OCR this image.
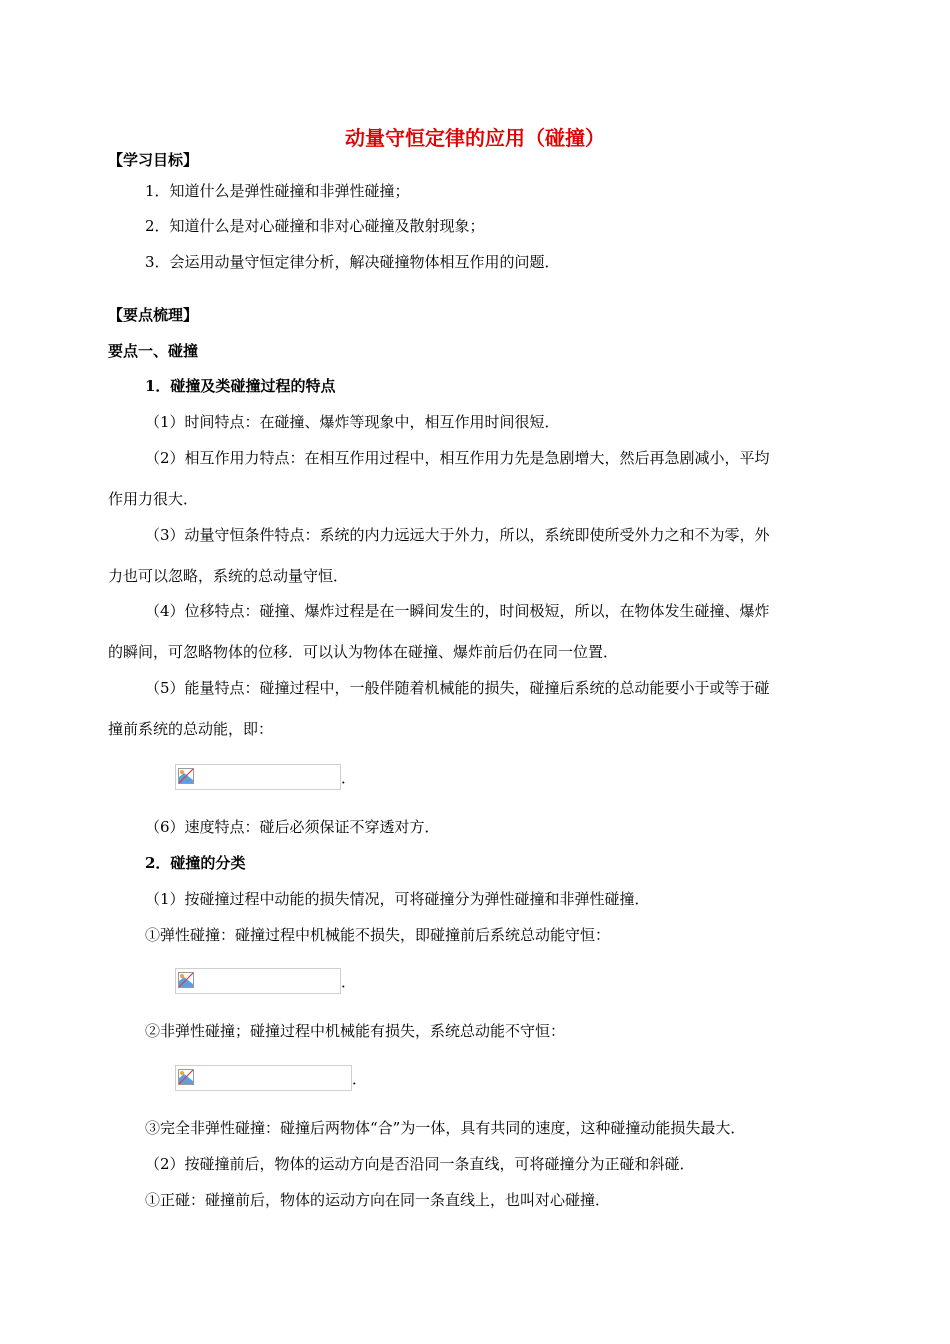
动量守恒定律的应用（碰撞）
【学习目标】
1．知道什么是弹性碰撞和非弹性碰撞；
2．知道什么是对心碰撞和非对心碰撞及散射现象；
3．会运用动量守恒定律分析，解决碰撞物体相互作用的问题．
【要点梳理】
要点一、碰撞
1．碰撞及类碰撞过程的特点
（1）时间特点：在碰撞、爆炸等现象中，相互作用时间很短．
（2）相互作用力特点：在相互作用过程中，相互作用力先是急剧增大，然后再急剧减小，平均
作用力很大．
（3）动量守恒条件特点：系统的内力远远大于外力，所以，系统即使所受外力之和不为零，外
力也可以忽略，系统的总动量守恒．
（4）位移特点：碰撞、爆炸过程是在一瞬间发生的，时间极短，所以，在物体发生碰撞、爆炸
的瞬间，可忽略物体的位移．可以认为物体在碰撞、爆炸前后仍在同一位置．
（5）能量特点：碰撞过程中，一般伴随着机械能的损失，碰撞后系统的总动能要小于或等于碰
撞前系统的总动能，即：
．
（6）速度特点：碰后必须保证不穿透对方．
2．碰撞的分类
（1）按碰撞过程中动能的损失情况，可将碰撞分为弹性碰撞和非弹性碰撞．
①弹性碰撞：碰撞过程中机械能不损失，即碰撞前后系统总动能守恒：
．
②非弹性碰撞；碰撞过程中机械能有损失，系统总动能不守恒：
．
③完全非弹性碰撞：碰撞后两物体“合”为一体，具有共同的速度，这种碰撞动能损失最大．
（2）按碰撞前后，物体的运动方向是否沿同一条直线，可将碰撞分为正碰和斜碰．
①正碰：碰撞前后，物体的运动方向在同一条直线上，也叫对心碰撞．
